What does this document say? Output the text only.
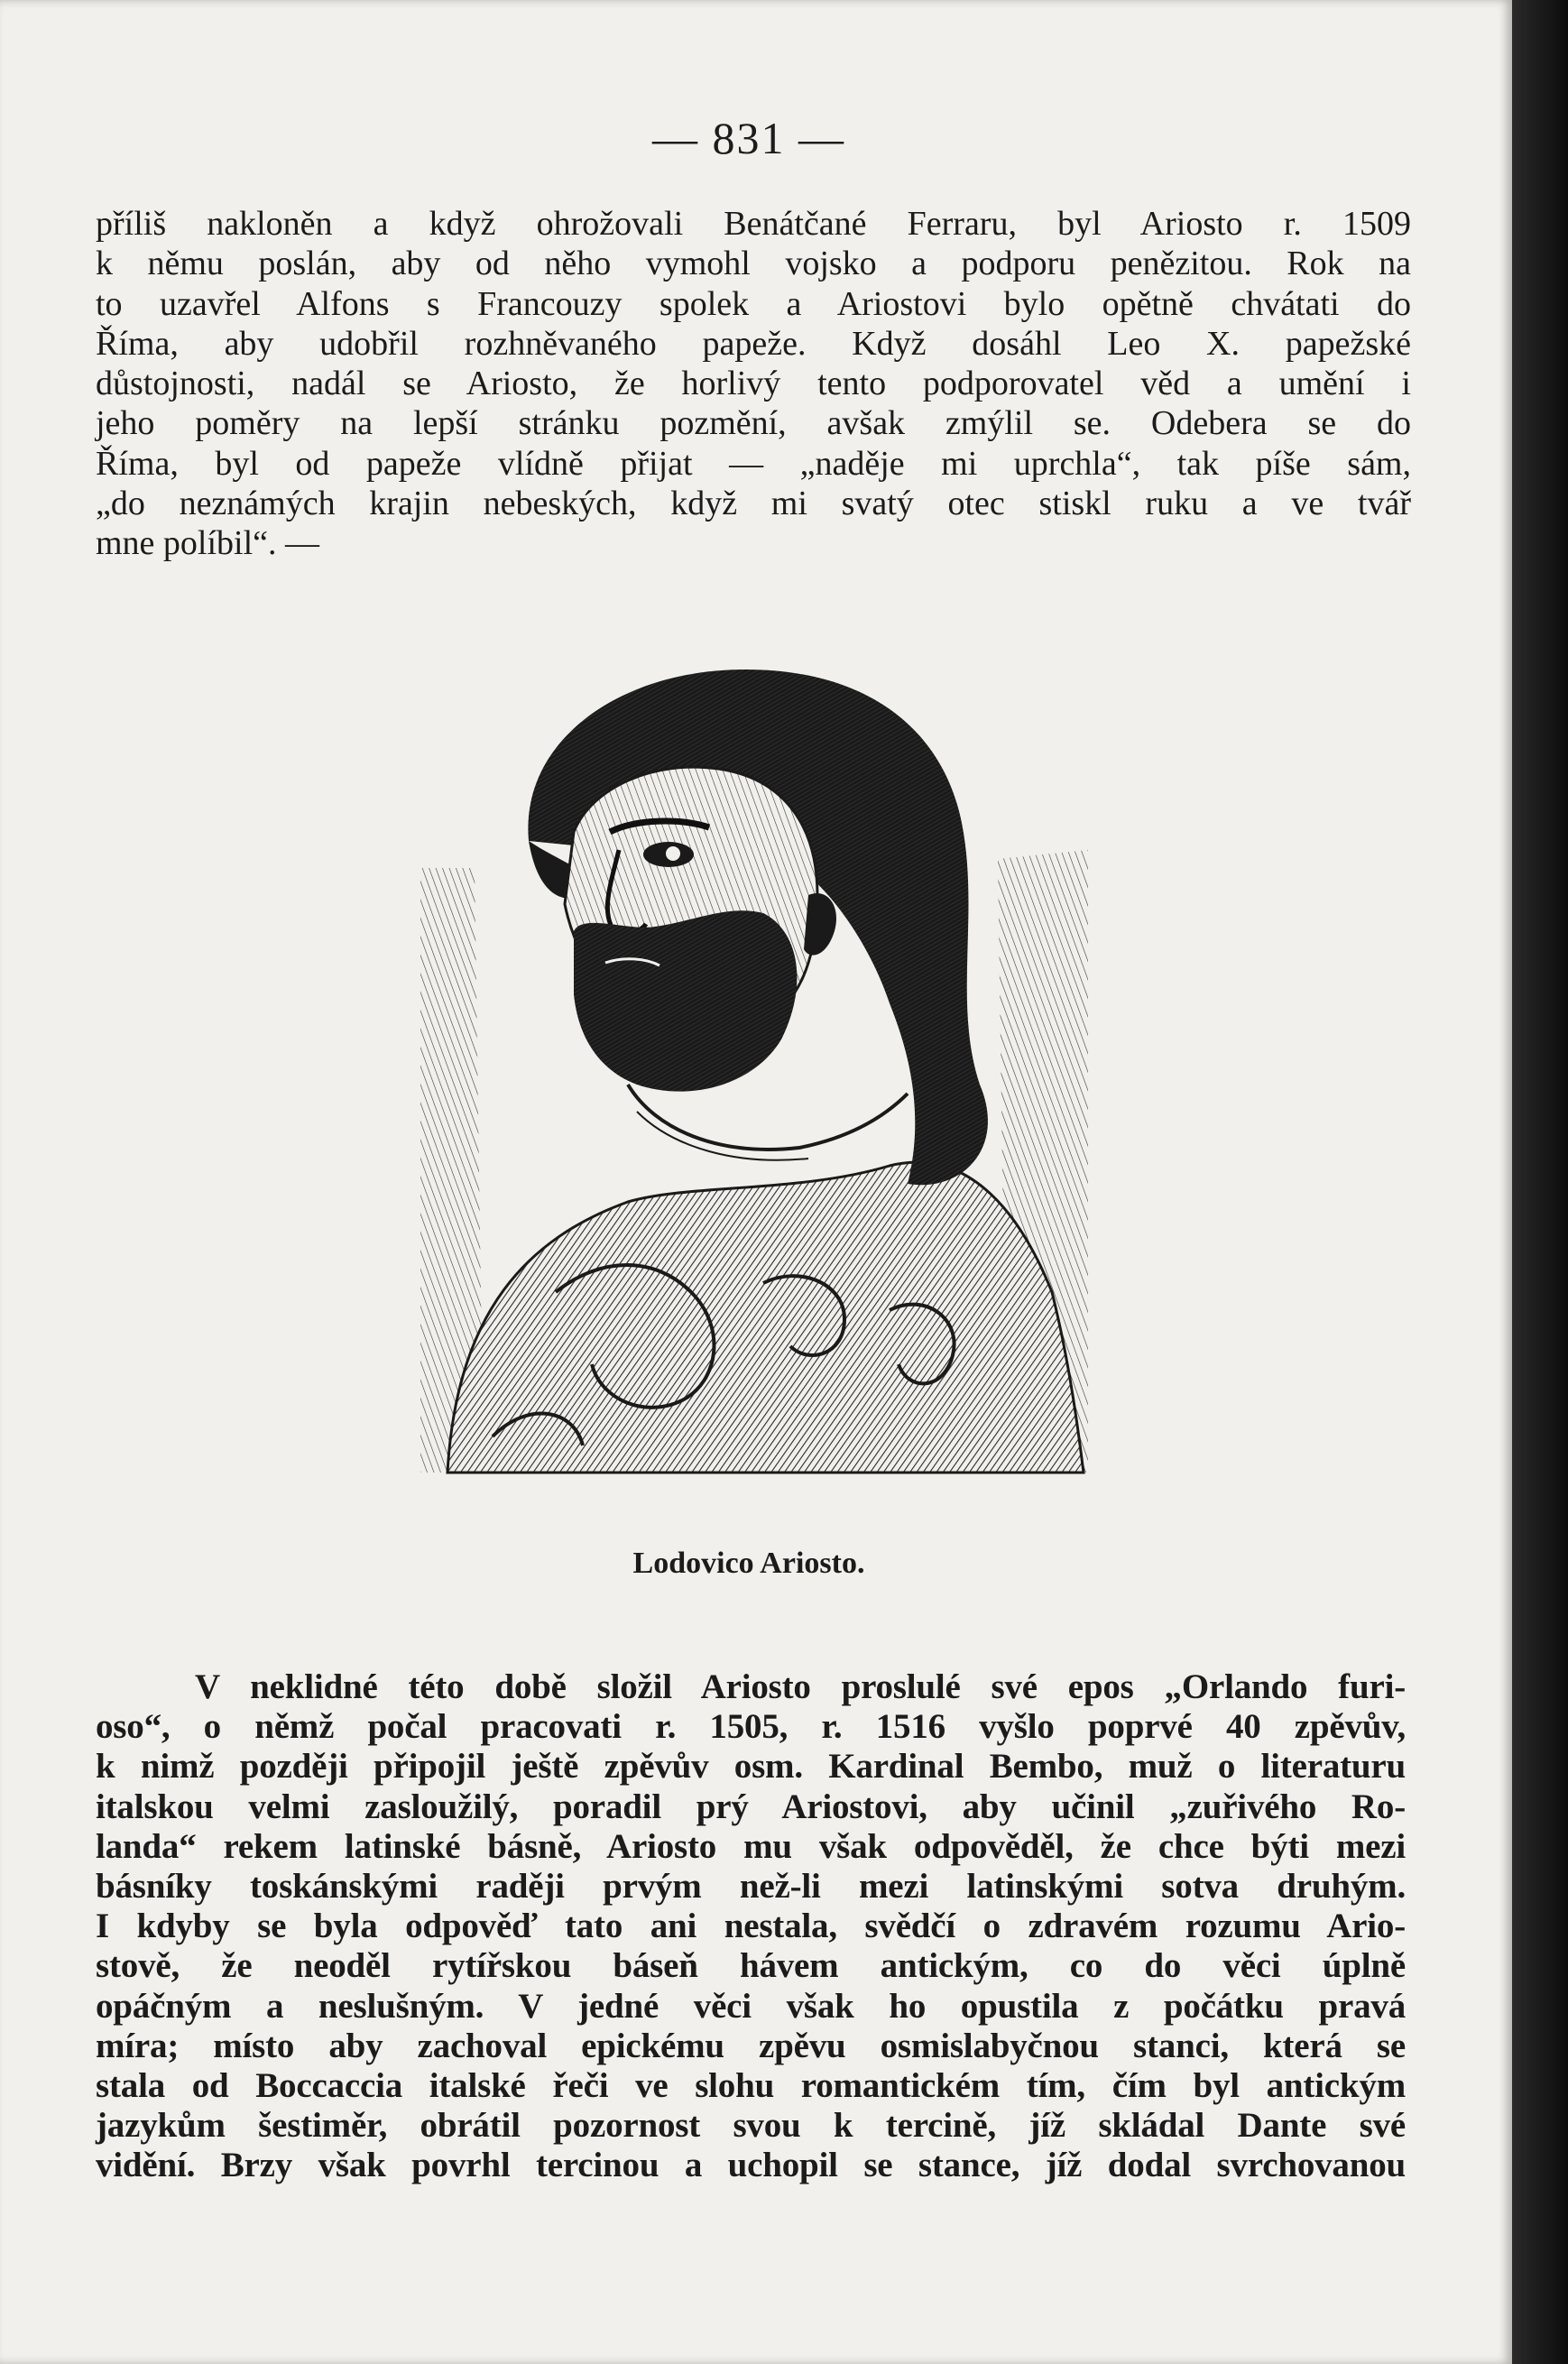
— 831 —
příliš nakloněn a když ohrožovali Benátčané Ferraru, byl Ariosto r. 1509
k němu poslán, aby od něho vymohl vojsko a podporu penězitou. Rok na
to uzavřel Alfons s Francouzy spolek a Ariostovi bylo opětně chvátati do
Říma, aby udobřil rozhněvaného papeže. Když dosáhl Leo X. papežské
důstojnosti, nadál se Ariosto, že horlivý tento podporovatel věd a umění i
jeho poměry na lepší stránku pozmění, avšak zmýlil se. Odebera se do
Říma, byl od papeže vlídně přijat — „naděje mi uprchla“, tak píše sám,
„do neznámých krajin nebeských, když mi svatý otec stiskl ruku a ve tvář
mne políbil“. —
Lodovico Ariosto.
V neklidné této době složil Ariosto proslulé své epos „Orlando furi-
oso“, o němž počal pracovati r. 1505, r. 1516 vyšlo poprvé 40 zpěvův,
k nimž později připojil ještě zpěvův osm. Kardinal Bembo, muž o literaturu
italskou velmi zasloužilý, poradil prý Ariostovi, aby učinil „zuřivého Ro-
landa“ rekem latinské básně, Ariosto mu však odpověděl, že chce býti mezi
básníky toskánskými raději prvým než-li mezi latinskými sotva druhým.
I kdyby se byla odpověď tato ani nestala, svědčí o zdravém rozumu Ario-
stově, že neoděl rytířskou báseň hávem antickým, co do věci úplně
opáčným a neslušným. V jedné věci však ho opustila z počátku pravá
míra; místo aby zachoval epickému zpěvu osmislabyčnou stanci, která se
stala od Boccaccia italské řeči ve slohu romantickém tím, čím byl antickým
jazykům šestiměr, obrátil pozornost svou k tercině, jíž skládal Dante své
vidění. Brzy však povrhl tercinou a uchopil se stance, jíž dodal svrchovanou
